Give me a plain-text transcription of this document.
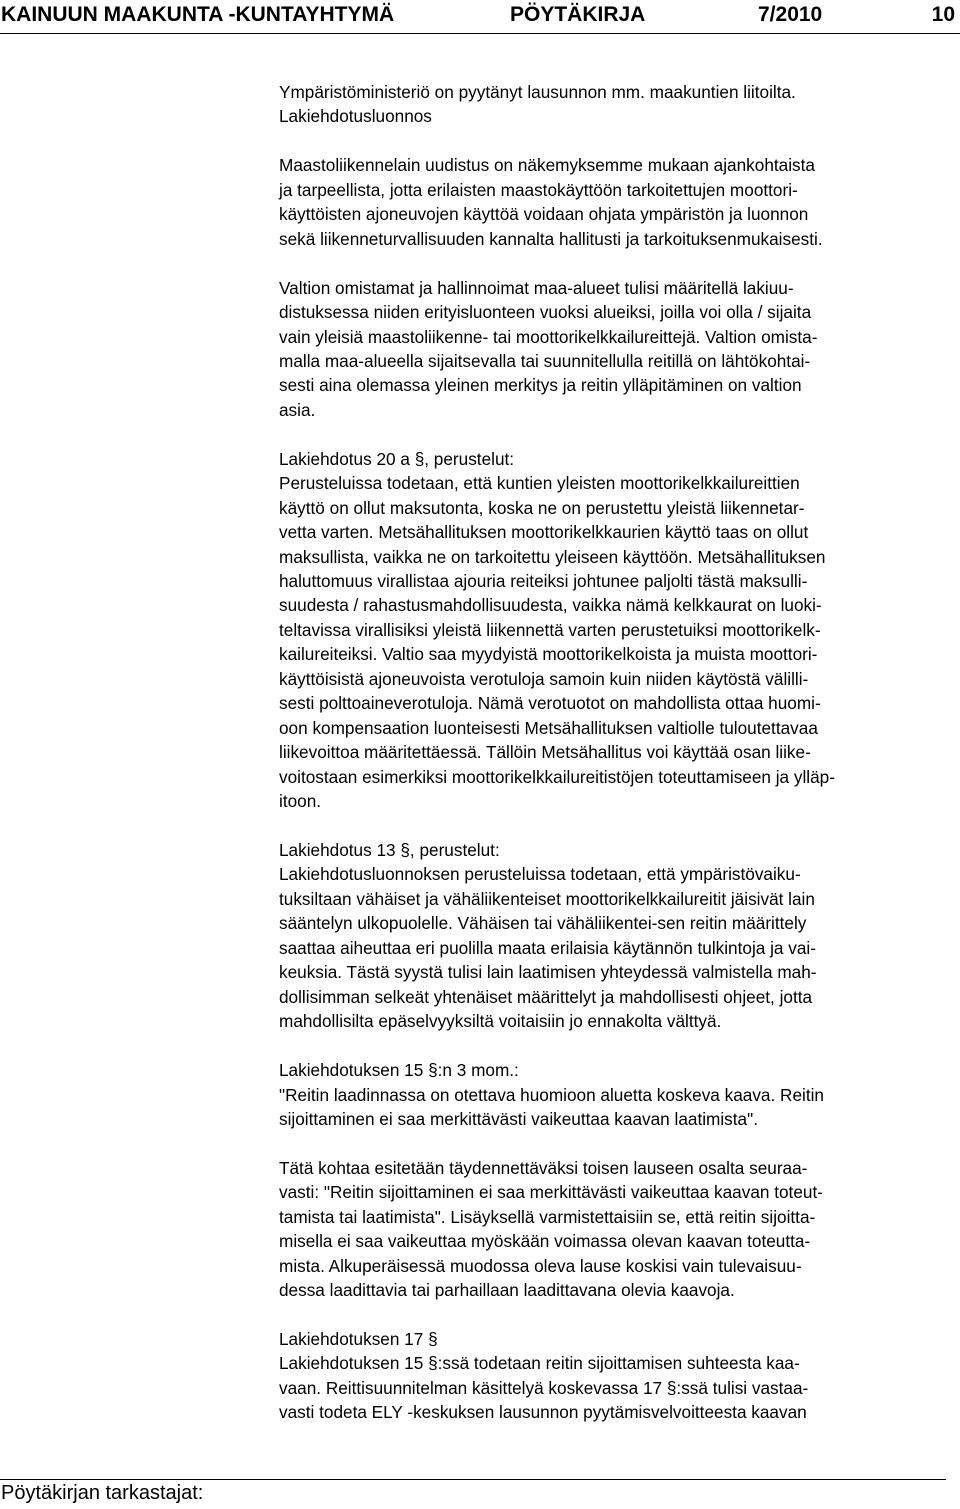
KAINUUN MAAKUNTA -KUNTAYHTYMÄ	PÖYTÄKIRJA	7/2010	10

Ympäristöministeriö on pyytänyt lausunnon mm. maakuntien liitoilta.
Lakiehdotusluonnos

Maastoliikennelain uudistus on näkemyksemme mukaan ajankohtaista
ja tarpeellista, jotta erilaisten maastokäyttöön tarkoitettujen moottori-
käyttöisten ajoneuvojen käyttöä voidaan ohjata ympäristön ja luonnon
sekä liikenneturvallisuuden kannalta hallitusti ja tarkoituksenmukaisesti.

Valtion omistamat ja hallinnoimat maa-alueet tulisi määritellä lakiuu-
distuksessa niiden erityisluonteen vuoksi alueiksi, joilla voi olla / sijaita
vain yleisiä maastoliikenne- tai moottorikelkkailureittejä. Valtion omista-
malla maa-alueella sijaitsevalla tai suunnitellulla reitillä on lähtökohtai-
sesti aina olemassa yleinen merkitys ja reitin ylläpitäminen on valtion
asia.

Lakiehdotus 20 a §, perustelut:
Perusteluissa todetaan, että kuntien yleisten moottorikelkkailureittien
käyttö on ollut maksutonta, koska ne on perustettu yleistä liikennetar-
vetta varten. Metsähallituksen moottorikelkkaurien käyttö taas on ollut
maksullista, vaikka ne on tarkoitettu yleiseen käyttöön. Metsähallituksen
haluttomuus virallistaa ajouria reiteiksi johtunee paljolti tästä maksulli-
suudesta / rahastusmahdollisuudesta, vaikka nämä kelkkaurat on luoki-
teltavissa virallisiksi yleistä liikennettä varten perustetuiksi moottorikelk-
kailureiteiksi. Valtio saa myydyistä moottorikelkoista ja muista moottori-
käyttöisistä ajoneuvoista verotuloja samoin kuin niiden käytöstä välilli-
sesti polttoaineverotuloja. Nämä verotuotot on mahdollista ottaa huomi-
oon kompensaation luonteisesti Metsähallituksen valtiolle tuloutettavaa
liikevoittoa määritettäessä. Tällöin Metsähallitus voi käyttää osan liike-
voitostaan esimerkiksi moottorikelkkailureitistöjen toteuttamiseen ja ylläp-
itoon.

Lakiehdotus 13 §, perustelut:
Lakiehdotusluonnoksen perusteluissa todetaan, että ympäristövaiku-
tuksiltaan vähäiset ja vähäliikenteiset moottorikelkkailureitit jäisivät lain
sääntelyn ulkopuolelle. Vähäisen tai vähäliikentei-sen reitin määrittely
saattaa aiheuttaa eri puolilla maata erilaisia käytännön tulkintoja ja vai-
keuksia. Tästä syystä tulisi lain laatimisen yhteydessä valmistella mah-
dollisimman selkeät yhtenäiset määrittelyt ja mahdollisesti ohjeet, jotta
mahdollisilta epäselvyyksiltä voitaisiin jo ennakolta välttyä.

Lakiehdotuksen 15 §:n 3 mom.:
"Reitin laadinnassa on otettava huomioon aluetta koskeva kaava. Reitin
sijoittaminen ei saa merkittävästi vaikeuttaa kaavan laatimista".

Tätä kohtaa esitetään täydennettäväksi toisen lauseen osalta seuraa-
vasti: "Reitin sijoittaminen ei saa merkittävästi vaikeuttaa kaavan toteut-
tamista tai laatimista". Lisäyksellä varmistettaisiin se, että reitin sijoitta-
misella ei saa vaikeuttaa myöskään voimassa olevan kaavan toteutta-
mista. Alkuperäisessä muodossa oleva lause koskisi vain tulevaisuu-
dessa laadittavia tai parhaillaan laadittavana olevia kaavoja.

Lakiehdotuksen 17 §
Lakiehdotuksen 15 §:ssä todetaan reitin sijoittamisen suhteesta kaa-
vaan. Reittisuunnitelman käsittelyä koskevassa 17 §:ssä tulisi vastaa-
vasti todeta ELY -keskuksen lausunnon pyytämisvelvoitteesta kaavan

Pöytäkirjan tarkastajat:
